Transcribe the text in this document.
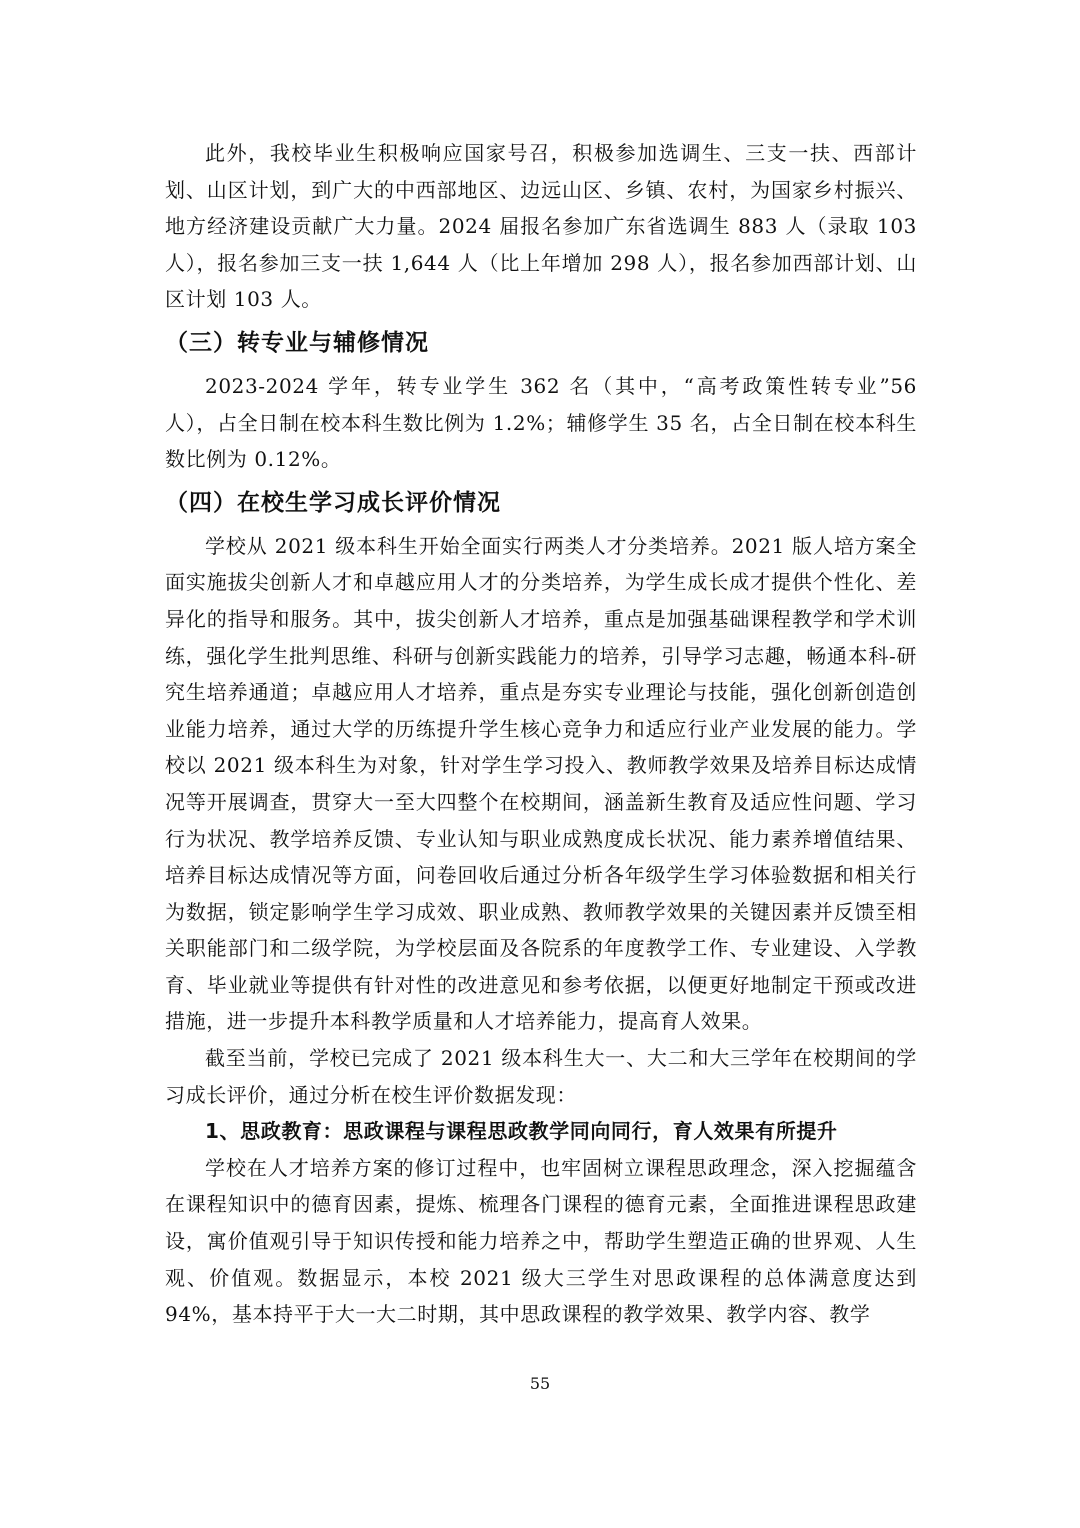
此外，我校毕业生积极响应国家号召，积极参加选调生、三支一扶、西部计划、山区计划，到广大的中西部地区、边远山区、乡镇、农村，为国家乡村振兴、地方经济建设贡献广大力量。2024 届报名参加广东省选调生 883 人（录取 103 人），报名参加三支一扶 1,644 人（比上年增加 298 人），报名参加西部计划、山区计划 103 人。

（三）转专业与辅修情况

2023-2024 学年，转专业学生 362 名（其中，“高考政策性转专业”56 人），占全日制在校本科生数比例为 1.2%；辅修学生 35 名，占全日制在校本科生数比例为 0.12%。

（四）在校生学习成长评价情况

学校从 2021 级本科生开始全面实行两类人才分类培养。2021 版人培方案全面实施拔尖创新人才和卓越应用人才的分类培养，为学生成长成才提供个性化、差异化的指导和服务。其中，拔尖创新人才培养，重点是加强基础课程教学和学术训练，强化学生批判思维、科研与创新实践能力的培养，引导学习志趣，畅通本科-研究生培养通道；卓越应用人才培养，重点是夯实专业理论与技能，强化创新创造创业能力培养，通过大学的历练提升学生核心竞争力和适应行业产业发展的能力。学校以 2021 级本科生为对象，针对学生学习投入、教师教学效果及培养目标达成情况等开展调查，贯穿大一至大四整个在校期间，涵盖新生教育及适应性问题、学习行为状况、教学培养反馈、专业认知与职业成熟度成长状况、能力素养增值结果、培养目标达成情况等方面，问卷回收后通过分析各年级学生学习体验数据和相关行为数据，锁定影响学生学习成效、职业成熟、教师教学效果的关键因素并反馈至相关职能部门和二级学院，为学校层面及各院系的年度教学工作、专业建设、入学教育、毕业就业等提供有针对性的改进意见和参考依据，以便更好地制定干预或改进措施，进一步提升本科教学质量和人才培养能力，提高育人效果。

截至当前，学校已完成了 2021 级本科生大一、大二和大三学年在校期间的学习成长评价，通过分析在校生评价数据发现：

1、思政教育：思政课程与课程思政教学同向同行，育人效果有所提升

学校在人才培养方案的修订过程中，也牢固树立课程思政理念，深入挖掘蕴含在课程知识中的德育因素，提炼、梳理各门课程的德育元素，全面推进课程思政建设，寓价值观引导于知识传授和能力培养之中，帮助学生塑造正确的世界观、人生观、价值观。数据显示，本校 2021 级大三学生对思政课程的总体满意度达到 94%，基本持平于大一大二时期，其中思政课程的教学效果、教学内容、教学

55
